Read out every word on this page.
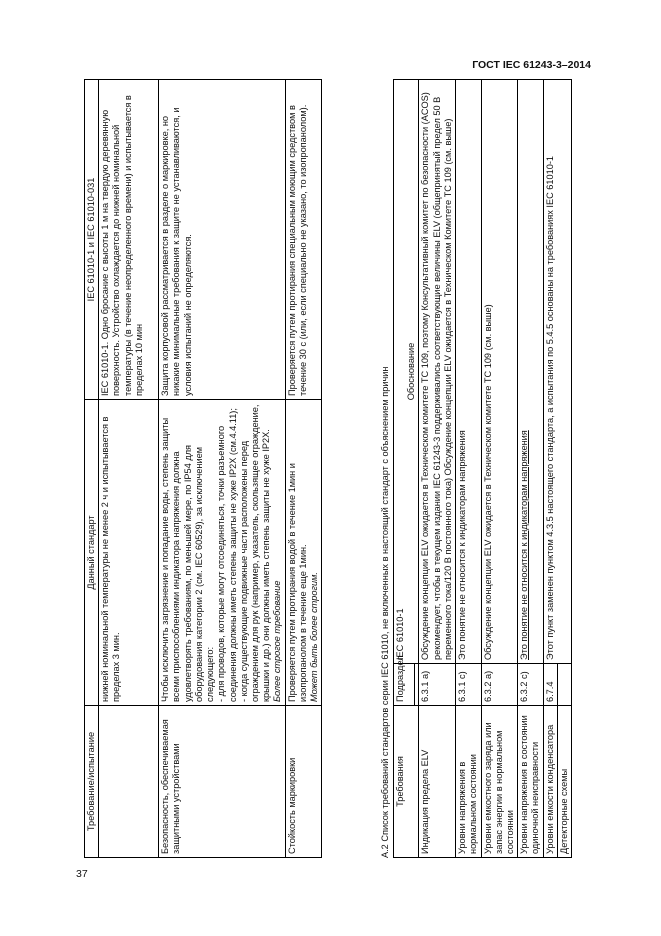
ГОСТ IEC 61243-3–2014
Требование/испытание	Данный стандарт	IEC 61010-1 и IEC 61010-031
	нижней номинальной температуры не менее 2 ч и испытывается в пределах 3 мин.	IEC 61010-1. Одно бросание с высоты 1 м на твердую деревянную поверхность. Устройство охлаждается до нижней номинальной температуры (в течение неопределенного времени) и испытывается в пределах 10 мин
Безопасность, обеспечиваемая защитными устройствами	Чтобы исключить загрязнение и попадание воды, степень защиты всеми приспособлениями индикатора напряжения должна удовлетворять требованиям, по меньшей мере, по IP54 для оборудования категории 2 (см. IEC 60529), за исключением следующего: - для проводов, которые могут отсоединяться, точки разъемного соединения должны иметь степень защиты не хуже IP2X (см.4.4.11); - когда существующие подвижные части расположены перед ограждением для рук (например, указатель, скользящее ограждение, крышки и др.) они должны иметь степень защиты не хуже IP2X. Более строгое требование	Защита корпусовой рассматривается в разделе о маркировке, но никакие минимальные требования к защите не устанавливаются, и условия испытаний не определяются.
Стойкость маркировки	Проверяется путем протирания водой в течение 1мин и изопропанолом в течение еще 1мин. Может быть более строгим.	Проверяется путем протирания специальным моющим средством в течение 30 с (или, если специально не указано, то изопропанолом).
А.2 Список требований стандартов серии IEC 61010, не включенных в настоящий стандарт с объяснением причин Требования	Подраздел	IEC 61010-1
Обоснование

Индикация предела ELV	6.3.1 a)	Обсуждение концепции ELV ожидается в Техническом комитете ТС 109, поэтому Консультативный комитет по безопасности (ACOS) рекомендует, чтобы в текущем издании IEC 61243-3 поддерживались соответствующие величины ELV (общепринятый предел 50 В переменного тока/120 В постоянного тока) Обсуждение концепции ELV ожидается в Техническом Комитете ТС 109 (см. выше)
Уровни напряжения в нормальном состоянии	6.3.1 c)	Это понятие не относится к индикаторам напряжения
Уровни емкостного заряда или запас энергии в нормальном состоянии	6.3.2 a)	Обсуждение концепции ELV ожидается в Техническом комитете ТС 109 (см. выше)
Уровни напряжения в состоянии одиночной неисправности	6.3.2 c)	Это понятие не относится к индикаторам напряжения
Уровни емкости конденсатора	6.7.4	Этот пункт заменен пунктом 4.3.5 настоящего стандарта, а испытания по 5.4.5 основаны на требованиях IEC 61010-1
Детекторные схемы		
37
